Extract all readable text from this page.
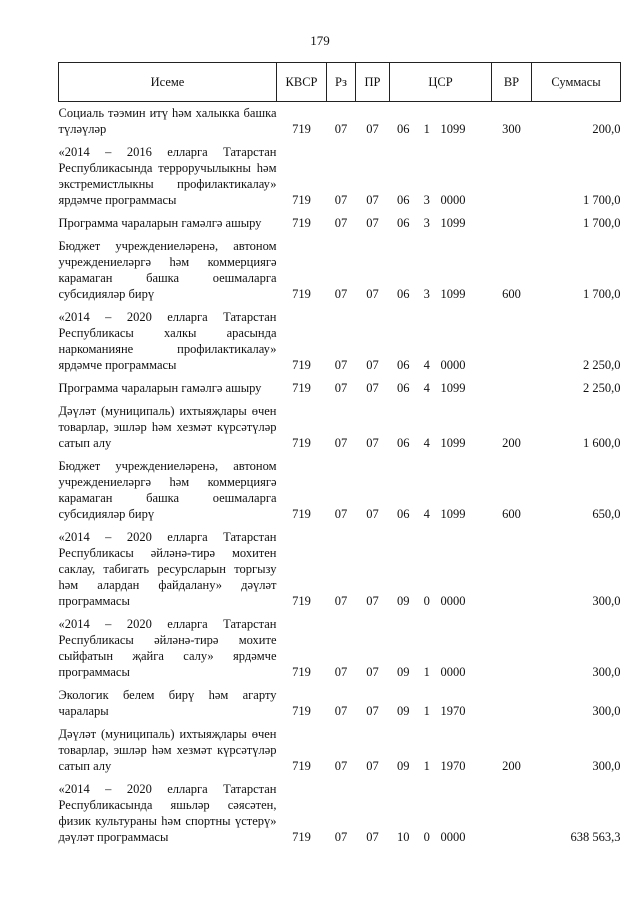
179
Исеме	КВСР	Рз	ПР	ЦСР	ВР	Суммасы
Социаль тәэмин итү һәм халыкка башка түләүләр	719	07	07	06 1 1099	300	200,0
«2014 – 2016 елларга Татарстан Республикасында терроручылыкны һәм экстремистлыкны профилактикалау» ярдәмче программасы	719	07	07	06 3 0000		1 700,0
Программа чараларын гамәлгә ашыру	719	07	07	06 3 1099		1 700,0
Бюджет учреждениеләренә, автоном учреждениеләргә һәм коммерциягә карамаган башка оешмаларга субсидияләр бирү	719	07	07	06 3 1099	600	1 700,0
«2014 – 2020 елларга Татарстан Республикасы халкы арасында наркоманияне профилактикалау» ярдәмче программасы	719	07	07	06 4 0000		2 250,0
Программа чараларын гамәлгә ашыру	719	07	07	06 4 1099		2 250,0
Дәүләт (муниципаль) ихтыяҗлары өчен товарлар, эшләр һәм хезмәт күрсәтүләр сатып алу	719	07	07	06 4 1099	200	1 600,0
Бюджет учреждениеләренә, автоном учреждениеләргә һәм коммерциягә карамаган башка оешмаларга субсидияләр бирү	719	07	07	06 4 1099	600	650,0
«2014 – 2020 елларга Татарстан Республикасы әйләнә-тирә мохитен саклау, табигать ресурсларын торгызу һәм алардан файдалану» дәүләт программасы	719	07	07	09 0 0000		300,0
«2014 – 2020 елларга Татарстан Республикасы әйләнә-тирә мохите сыйфатын җайга салу» ярдәмче программасы	719	07	07	09 1 0000		300,0
Экологик белем бирү һәм агарту чаралары	719	07	07	09 1 1970		300,0
Дәүләт (муниципаль) ихтыяҗлары өчен товарлар, эшләр һәм хезмәт күрсәтүләр сатып алу	719	07	07	09 1 1970	200	300,0
«2014 – 2020 елларга Татарстан Республикасында яшьләр сәясәтен, физик культураны һәм спортны үстерү» дәүләт программасы	719	07	07	10 0 0000		638 563,3
